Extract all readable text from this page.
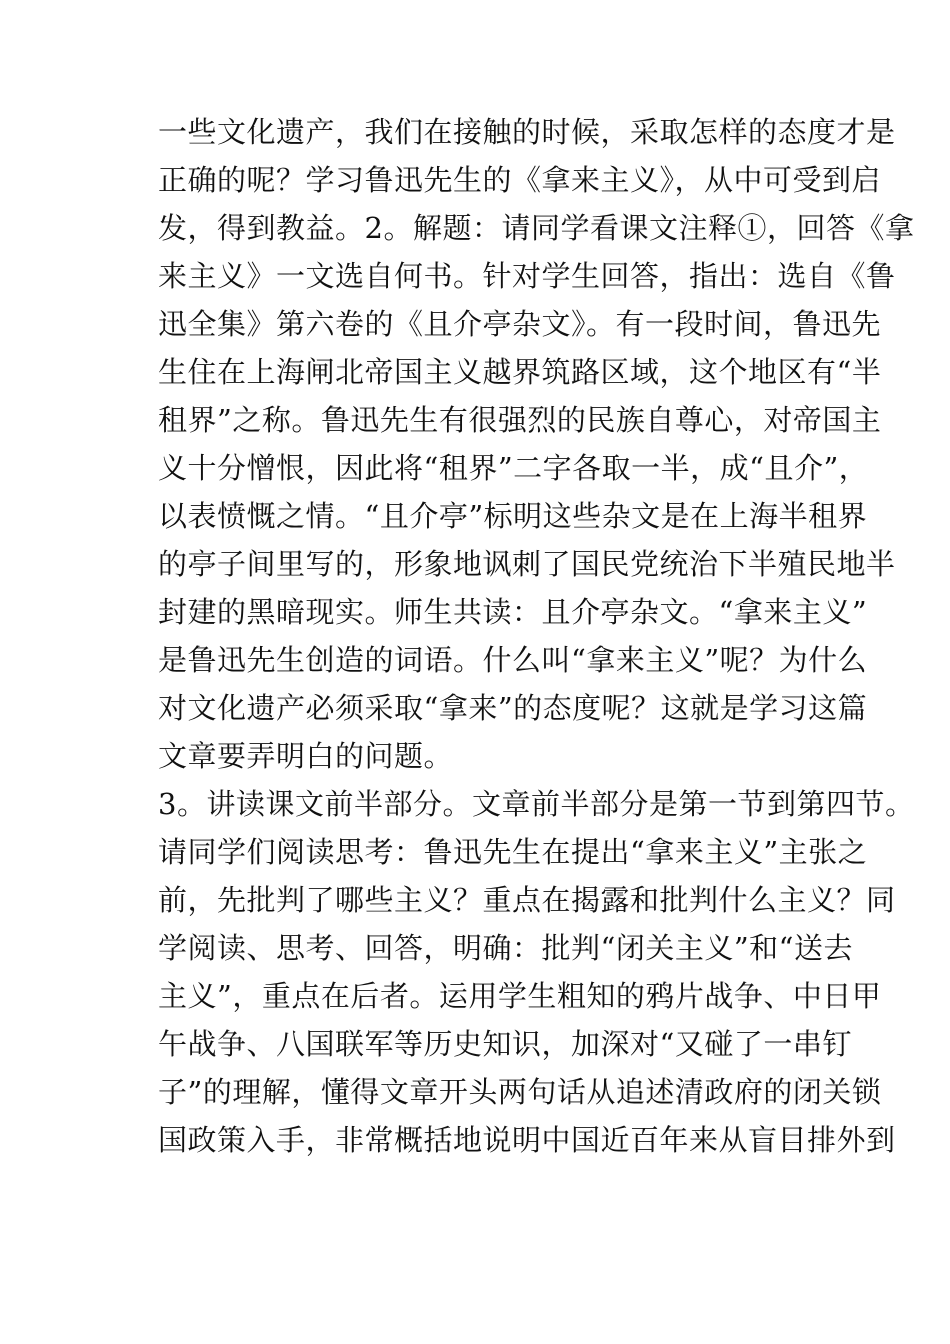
一些文化遗产，我们在接触的时候，采取怎样的态度才是
正确的呢？学习鲁迅先生的《拿来主义》，从中可受到启
发，得到教益。2。解题：请同学看课文注释①，回答《拿
来主义》一文选自何书。针对学生回答，指出：选自《鲁
迅全集》第六卷的《且介亭杂文》。有一段时间，鲁迅先
生住在上海闸北帝国主义越界筑路区域，这个地区有“半
租界”之称。鲁迅先生有很强烈的民族自尊心，对帝国主
义十分憎恨，因此将“租界”二字各取一半，成“且介”，
以表愤慨之情。“且介亭”标明这些杂文是在上海半租界
的亭子间里写的，形象地讽刺了国民党统治下半殖民地半
封建的黑暗现实。师生共读：且介亭杂文。“拿来主义”
是鲁迅先生创造的词语。什么叫“拿来主义”呢？为什么
对文化遗产必须采取“拿来”的态度呢？这就是学习这篇
文章要弄明白的问题。
3。讲读课文前半部分。文章前半部分是第一节到第四节。
请同学们阅读思考：鲁迅先生在提出“拿来主义”主张之
前，先批判了哪些主义？重点在揭露和批判什么主义？同
学阅读、思考、回答，明确：批判“闭关主义”和“送去
主义”，重点在后者。运用学生粗知的鸦片战争、中日甲
午战争、八国联军等历史知识，加深对“又碰了一串钉
子”的理解，懂得文章开头两句话从追述清政府的闭关锁
国政策入手，非常概括地说明中国近百年来从盲目排外到
